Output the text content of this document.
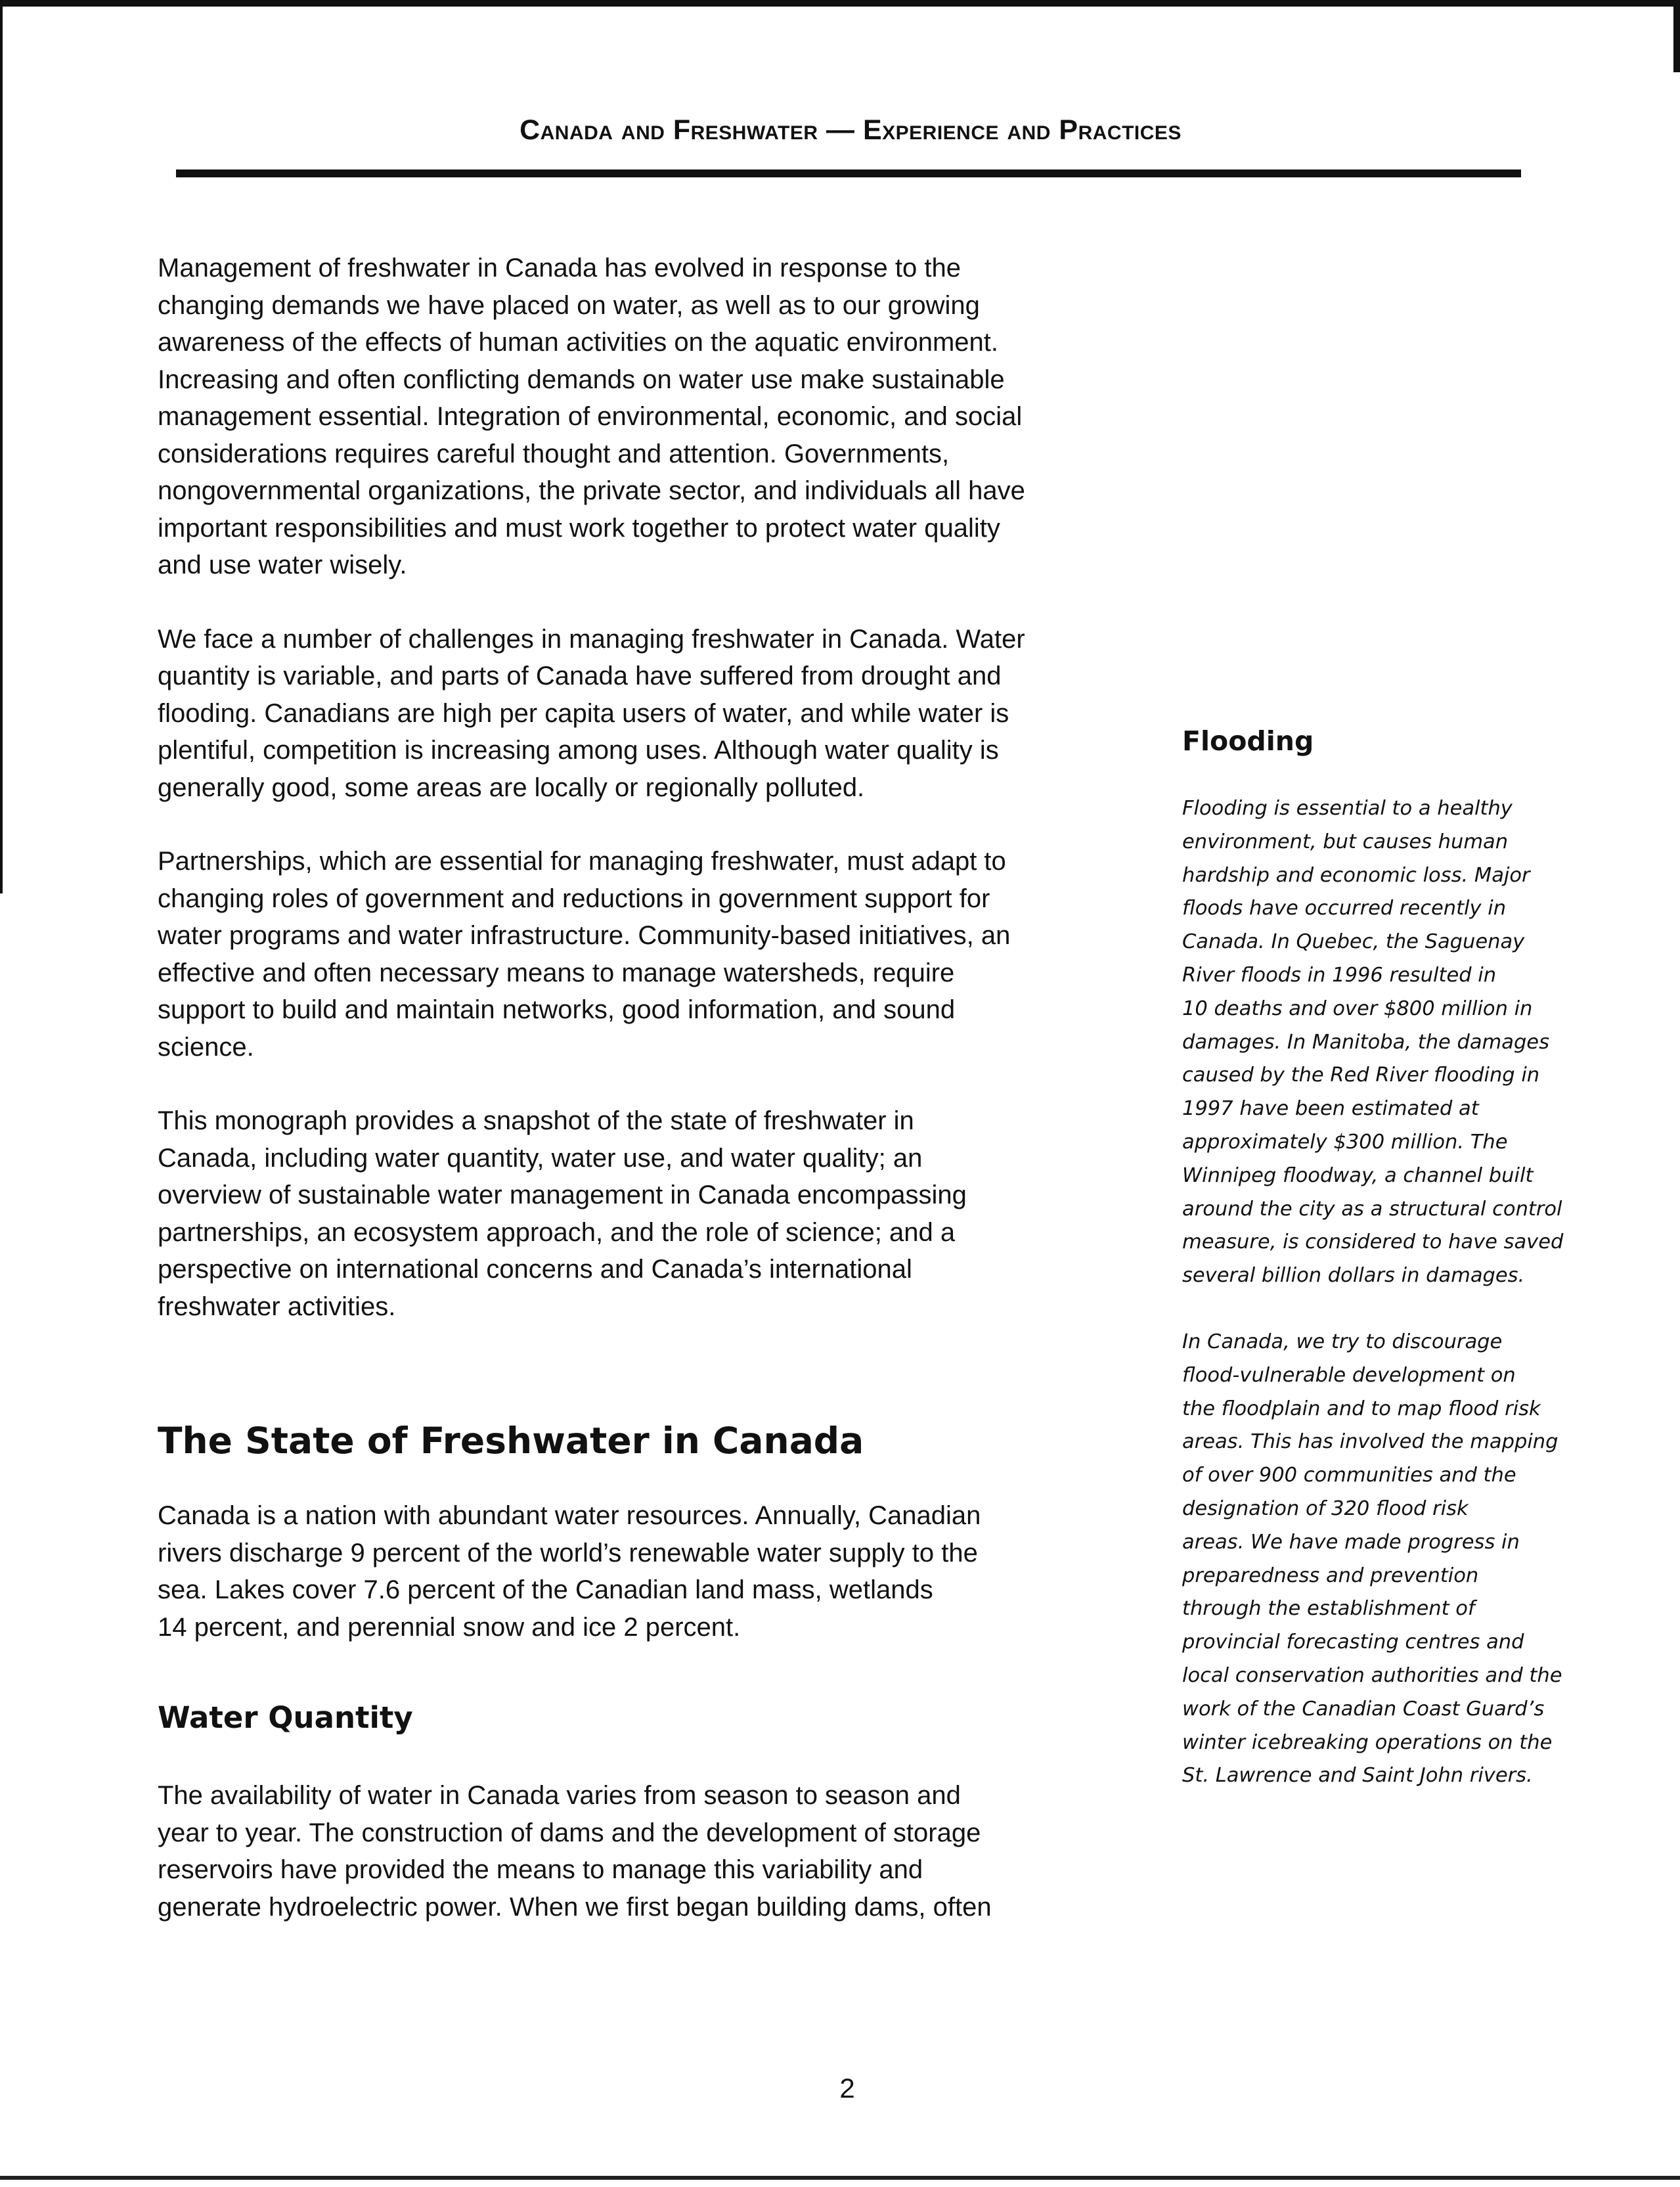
Canada and Freshwater — Experience and Practices

Management of freshwater in Canada has evolved in response to the
changing demands we have placed on water, as well as to our growing
awareness of the effects of human activities on the aquatic environment.
Increasing and often conflicting demands on water use make sustainable
management essential. Integration of environmental, economic, and social
considerations requires careful thought and attention. Governments,
nongovernmental organizations, the private sector, and individuals all have
important responsibilities and must work together to protect water quality
and use water wisely.

We face a number of challenges in managing freshwater in Canada. Water
quantity is variable, and parts of Canada have suffered from drought and
flooding. Canadians are high per capita users of water, and while water is
plentiful, competition is increasing among uses. Although water quality is
generally good, some areas are locally or regionally polluted.

Partnerships, which are essential for managing freshwater, must adapt to
changing roles of government and reductions in government support for
water programs and water infrastructure. Community-based initiatives, an
effective and often necessary means to manage watersheds, require
support to build and maintain networks, good information, and sound
science.

This monograph provides a snapshot of the state of freshwater in
Canada, including water quantity, water use, and water quality; an
overview of sustainable water management in Canada encompassing
partnerships, an ecosystem approach, and the role of science; and a
perspective on international concerns and Canada’s international
freshwater activities.

The State of Freshwater in Canada

Canada is a nation with abundant water resources. Annually, Canadian
rivers discharge 9 percent of the world’s renewable water supply to the
sea. Lakes cover 7.6 percent of the Canadian land mass, wetlands
14 percent, and perennial snow and ice 2 percent.

Water Quantity

The availability of water in Canada varies from season to season and
year to year. The construction of dams and the development of storage
reservoirs have provided the means to manage this variability and
generate hydroelectric power. When we first began building dams, often

Flooding

Flooding is essential to a healthy
environment, but causes human
hardship and economic loss. Major
floods have occurred recently in
Canada. In Quebec, the Saguenay
River floods in 1996 resulted in
10 deaths and over $800 million in
damages. In Manitoba, the damages
caused by the Red River flooding in
1997 have been estimated at
approximately $300 million. The
Winnipeg floodway, a channel built
around the city as a structural control
measure, is considered to have saved
several billion dollars in damages.

In Canada, we try to discourage
flood-vulnerable development on
the floodplain and to map flood risk
areas. This has involved the mapping
of over 900 communities and the
designation of 320 flood risk
areas. We have made progress in
preparedness and prevention
through the establishment of
provincial forecasting centres and
local conservation authorities and the
work of the Canadian Coast Guard’s
winter icebreaking operations on the
St. Lawrence and Saint John rivers.

2
